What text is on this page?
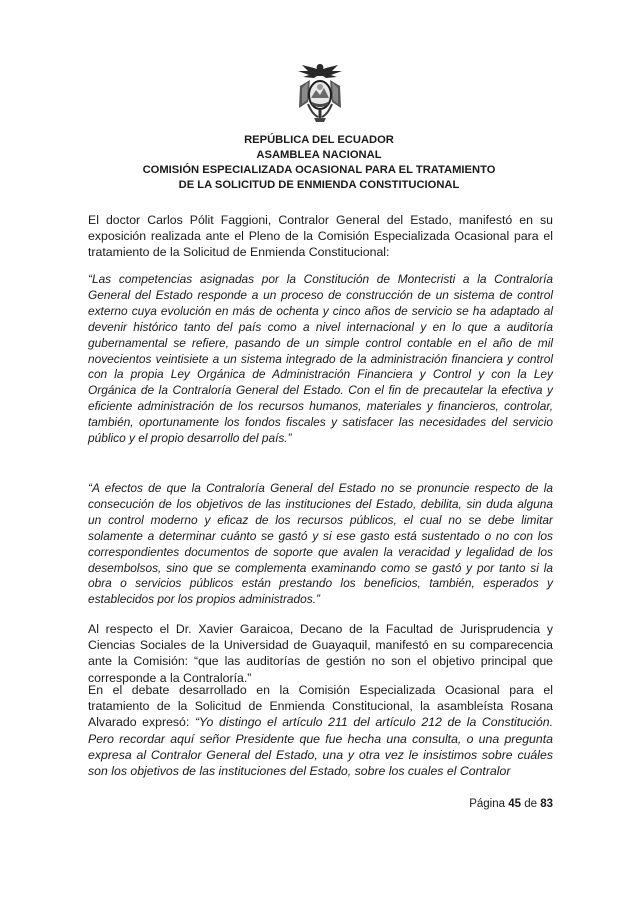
REPÚBLICA DEL ECUADOR
ASAMBLEA NACIONAL
COMISIÓN ESPECIALIZADA OCASIONAL PARA EL TRATAMIENTO
DE LA SOLICITUD DE ENMIENDA CONSTITUCIONAL
El doctor Carlos Pólit Faggioni, Contralor General del Estado, manifestó en su exposición realizada ante el Pleno de la Comisión Especializada Ocasional para el tratamiento de la Solicitud de Enmienda Constitucional:
“Las competencias asignadas por la Constitución de Montecristi a la Contraloría General del Estado responde a un proceso de construcción de un sistema de control externo cuya evolución en más de ochenta y cinco años de servicio se ha adaptado al devenir histórico tanto del país como a nivel internacional y en lo que a auditoría gubernamental se refiere, pasando de un simple control contable en el año de mil novecientos veintisiete a un sistema integrado de la administración financiera y control con la propia Ley Orgánica de Administración Financiera y Control y con la Ley Orgánica de la Contraloría General del Estado. Con el fin de precautelar la efectiva y eficiente administración de los recursos humanos, materiales y financieros, controlar, también, oportunamente los fondos fiscales y satisfacer las necesidades del servicio público y el propio desarrollo del país.”
“A efectos de que la Contraloría General del Estado no se pronuncie respecto de la consecución de los objetivos de las instituciones del Estado, debilita, sin duda alguna un control moderno y eficaz de los recursos públicos, el cual no se debe limitar solamente a determinar cuánto se gastó y si ese gasto está sustentado o no con los correspondientes documentos de soporte que avalen la veracidad y legalidad de los desembolsos, sino que se complementa examinando como se gastó y por tanto si la obra o servicios públicos están prestando los beneficios, también, esperados y establecidos por los propios administrados.”
Al respecto el Dr. Xavier Garaicoa, Decano de la Facultad de Jurisprudencia y Ciencias Sociales de la Universidad de Guayaquil, manifestó en su comparecencia ante la Comisión: “que las auditorías de gestión no son el objetivo principal que corresponde a la Contraloría.”
En el debate desarrollado en la Comisión Especializada Ocasional para el tratamiento de la Solicitud de Enmienda Constitucional, la asambleísta Rosana Alvarado expresó: “Yo distingo el artículo 211 del artículo 212 de la Constitución. Pero recordar aquí señor Presidente que fue hecha una consulta, o una pregunta expresa al Contralor General del Estado, una y otra vez le insistimos sobre cuáles son los objetivos de las instituciones del Estado, sobre los cuales el Contralor
Página 45 de 83
